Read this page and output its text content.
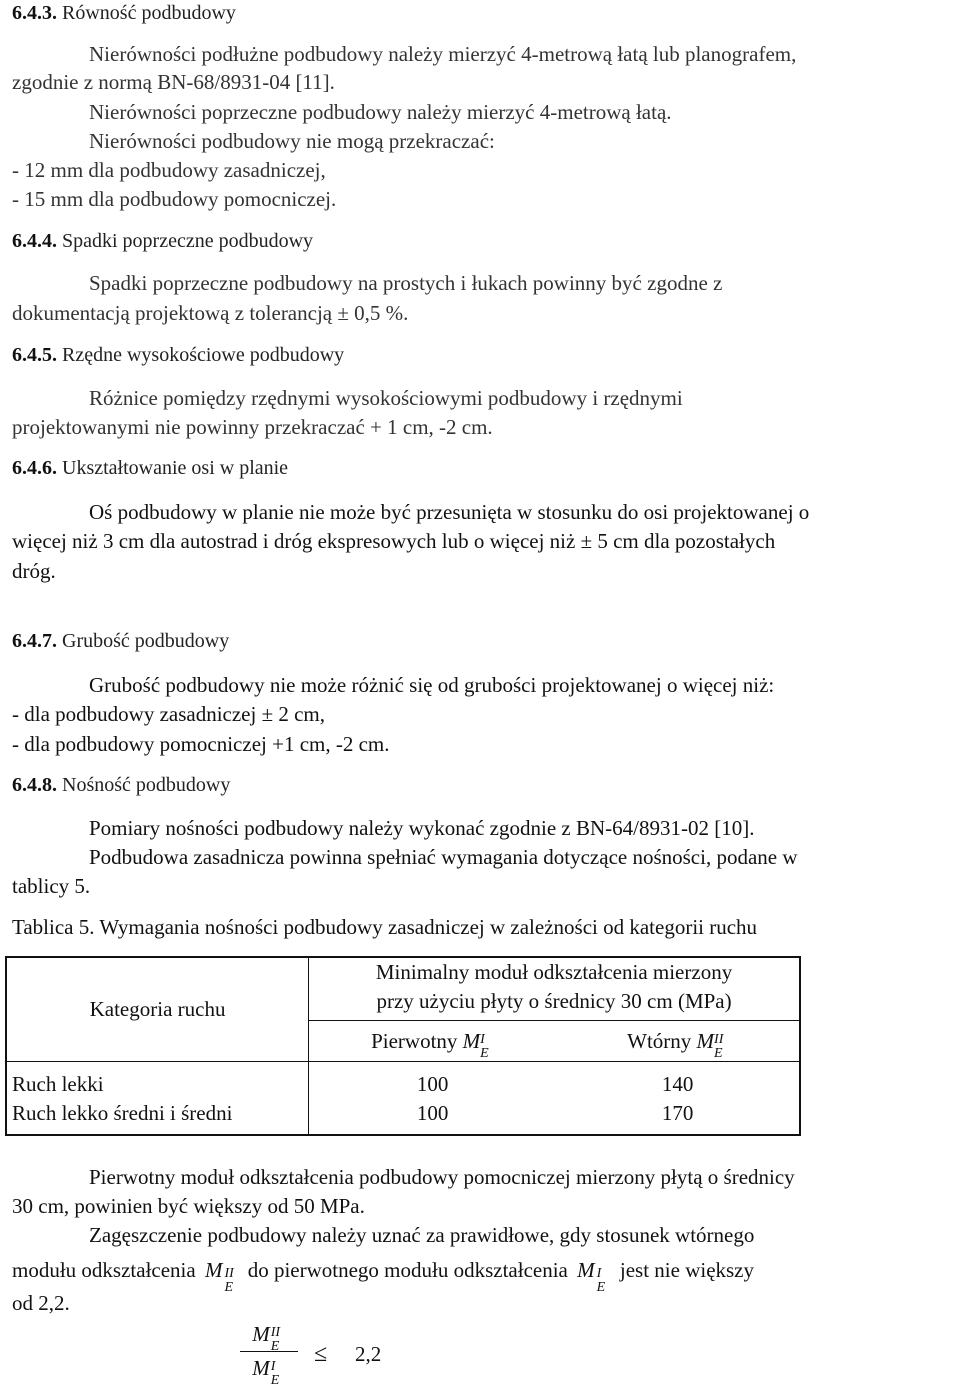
6.4.3. Równość podbudowy
Nierówności podłużne podbudowy należy mierzyć 4-metrową łatą lub planografem,
zgodnie z normą BN-68/8931-04 [11].
Nierówności poprzeczne podbudowy należy mierzyć 4-metrową łatą.
Nierówności podbudowy nie mogą przekraczać:
- 12 mm dla podbudowy zasadniczej,
- 15 mm dla podbudowy pomocniczej.
6.4.4. Spadki poprzeczne podbudowy
Spadki poprzeczne podbudowy na prostych i łukach powinny być zgodne z
dokumentacją projektową z tolerancją ± 0,5 %.
6.4.5. Rzędne wysokościowe podbudowy
Różnice pomiędzy rzędnymi wysokościowymi podbudowy i rzędnymi
projektowanymi nie powinny przekraczać + 1 cm, -2 cm.
6.4.6. Ukształtowanie osi w planie
Oś podbudowy w planie nie może być przesunięta w stosunku do osi projektowanej o
więcej niż 3 cm dla autostrad i dróg ekspresowych lub o więcej niż ± 5 cm dla pozostałych
dróg.
6.4.7. Grubość podbudowy
Grubość podbudowy nie może różnić się od grubości projektowanej o więcej niż:
- dla podbudowy zasadniczej ± 2 cm,
- dla podbudowy pomocniczej +1 cm, -2 cm.
6.4.8. Nośność podbudowy
Pomiary nośności podbudowy należy wykonać zgodnie z BN-64/8931-02 [10].
Podbudowa zasadnicza powinna spełniać wymagania dotyczące nośności, podane w
tablicy 5.
Tablica 5. Wymagania nośności podbudowy zasadniczej w zależności od kategorii ruchu
Kategoria ruchu	Minimalny moduł odkształcenia mierzony
przy użyciu płyty o średnicy 30 cm (MPa)	

	Pierwotny M I
E	Wtórny M II
E

Ruch lekki	100	140
Ruch lekko średni i średni	100	170
Pierwotny moduł odkształcenia podbudowy pomocniczej mierzony płytą o średnicy
30 cm, powinien być większy od 50 MPa.
Zagęszczenie podbudowy należy uznać za prawidłowe, gdy stosunek wtórnego
modułu odkształcenia M II
E
do pierwotnego modułu odkształcenia M I
E
jest nie większy
od 2,2.
M II
E
M I
E
≤ 2,2
